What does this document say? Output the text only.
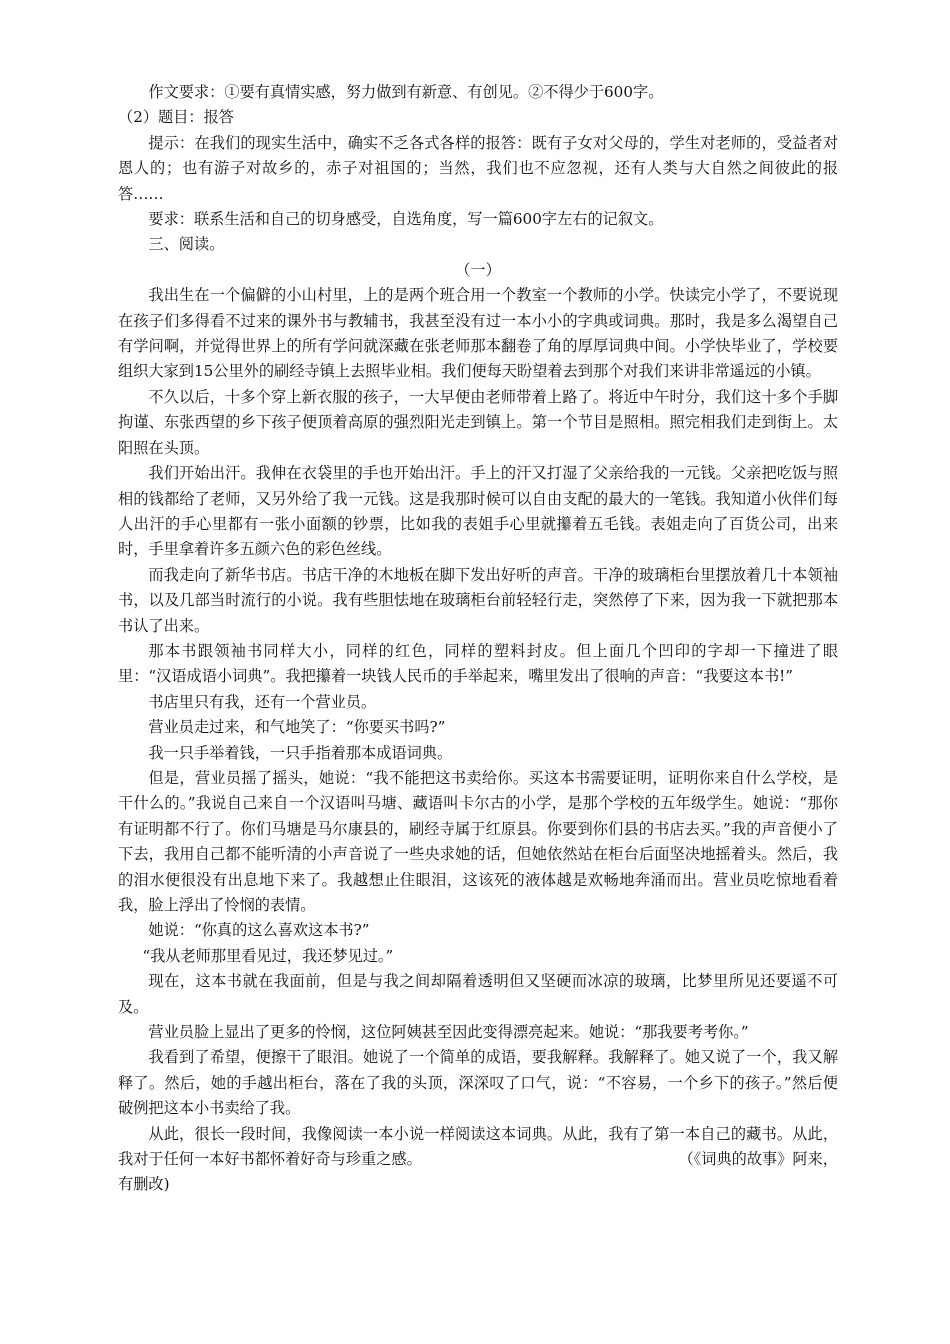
作文要求：①要有真情实感，努力做到有新意、有创见。②不得少于600字。

（2）题目：报答

提示：在我们的现实生活中，确实不乏各式各样的报答：既有子女对父母的，学生对老师的，受益者对恩人的；也有游子对故乡的，赤子对祖国的；当然，我们也不应忽视，还有人类与大自然之间彼此的报答……

要求：联系生活和自己的切身感受，自选角度，写一篇600字左右的记叙文。

三、阅读。

（一）

我出生在一个偏僻的小山村里，上的是两个班合用一个教室一个教师的小学。快读完小学了，不要说现在孩子们多得看不过来的课外书与教辅书，我甚至没有过一本小小的字典或词典。那时，我是多么渴望自己有学问啊，并觉得世界上的所有学问就深藏在张老师那本翻卷了角的厚厚词典中间。小学快毕业了，学校要组织大家到15公里外的刷经寺镇上去照毕业相。我们便每天盼望着去到那个对我们来讲非常遥远的小镇。

不久以后，十多个穿上新衣服的孩子，一大早便由老师带着上路了。将近中午时分，我们这十多个手脚拘谨、东张西望的乡下孩子便顶着高原的强烈阳光走到镇上。第一个节目是照相。照完相我们走到街上。太阳照在头顶。

我们开始出汗。我伸在衣袋里的手也开始出汗。手上的汗又打湿了父亲给我的一元钱。父亲把吃饭与照相的钱都给了老师，又另外给了我一元钱。这是我那时候可以自由支配的最大的一笔钱。我知道小伙伴们每人出汗的手心里都有一张小面额的钞票，比如我的表姐手心里就攥着五毛钱。表姐走向了百货公司，出来时，手里拿着许多五颜六色的彩色丝线。

而我走向了新华书店。书店干净的木地板在脚下发出好听的声音。干净的玻璃柜台里摆放着几十本领袖书，以及几部当时流行的小说。我有些胆怯地在玻璃柜台前轻轻行走，突然停了下来，因为我一下就把那本书认了出来。

那本书跟领袖书同样大小，同样的红色，同样的塑料封皮。但上面几个凹印的字却一下撞进了眼里：“汉语成语小词典”。我把攥着一块钱人民币的手举起来，嘴里发出了很响的声音：“我要这本书!”

书店里只有我，还有一个营业员。

营业员走过来，和气地笑了：“你要买书吗?”

我一只手举着钱，一只手指着那本成语词典。

但是，营业员摇了摇头，她说：“我不能把这书卖给你。买这本书需要证明，证明你来自什么学校，是干什么的。”我说自己来自一个汉语叫马塘、藏语叫卡尔古的小学，是那个学校的五年级学生。她说：“那你有证明都不行了。你们马塘是马尔康县的，刷经寺属于红原县。你要到你们县的书店去买。”我的声音便小了下去，我用自己都不能听清的小声音说了一些央求她的话，但她依然站在柜台后面坚决地摇着头。然后，我的泪水便很没有出息地下来了。我越想止住眼泪，这该死的液体越是欢畅地奔涌而出。营业员吃惊地看着我，脸上浮出了怜悯的表情。

她说：“你真的这么喜欢这本书?”

“我从老师那里看见过，我还梦见过。”

现在，这本书就在我面前，但是与我之间却隔着透明但又坚硬而冰凉的玻璃，比梦里所见还要遥不可及。

营业员脸上显出了更多的怜悯，这位阿姨甚至因此变得漂亮起来。她说：“那我要考考你。”

我看到了希望，便擦干了眼泪。她说了一个简单的成语，要我解释。我解释了。她又说了一个，我又解释了。然后，她的手越出柜台，落在了我的头顶，深深叹了口气，说：“不容易，一个乡下的孩子。”然后便破例把这本小书卖给了我。

从此，很长一段时间，我像阅读一本小说一样阅读这本词典。从此，我有了第一本自己的藏书。从此，我对于任何一本好书都怀着好奇与珍重之感。	（《词典的故事》阿来，

有删改)
